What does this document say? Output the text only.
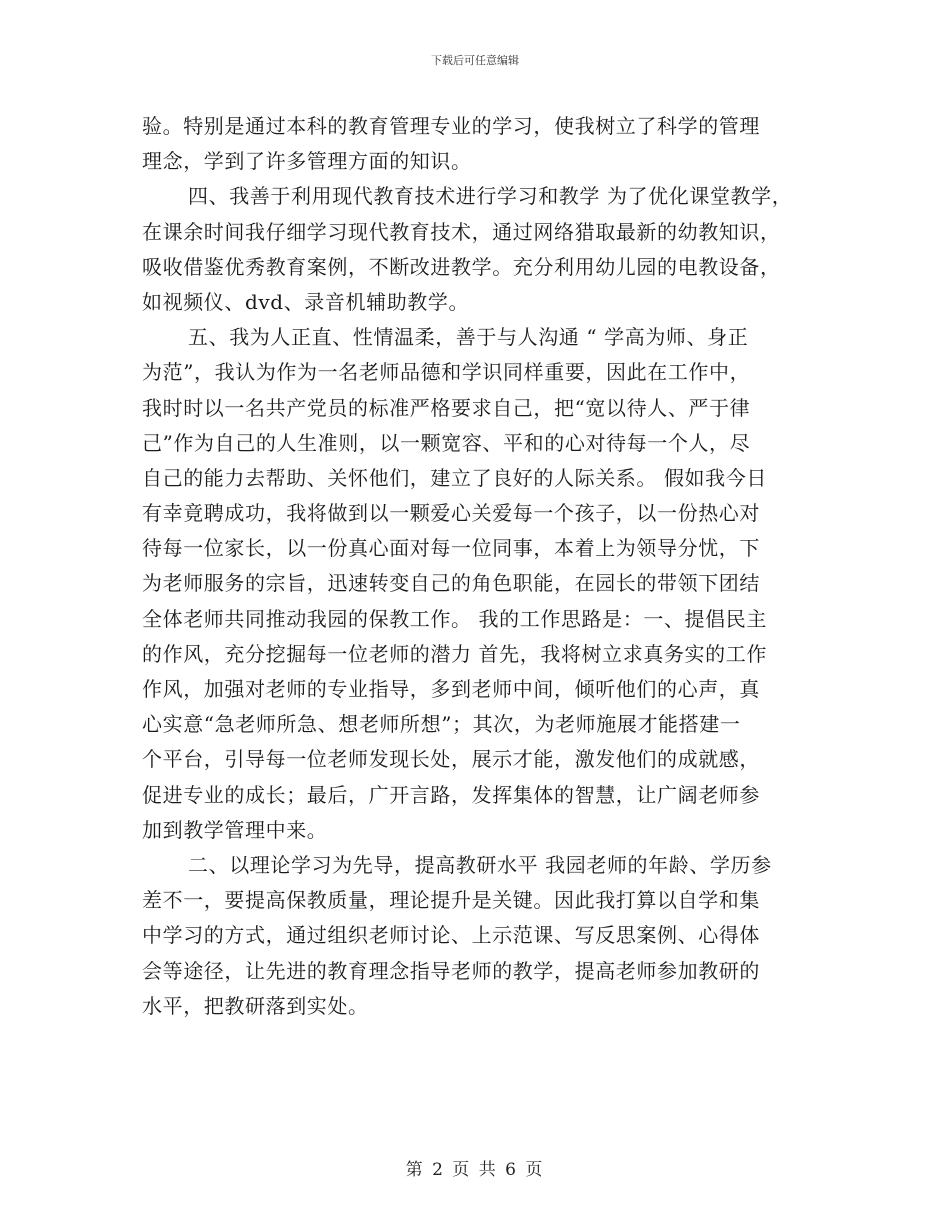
下载后可任意编辑
验。特别是通过本科的教育管理专业的学习，使我树立了科学的管理
理念，学到了许多管理方面的知识。
四、我善于利用现代教育技术进行学习和教学 为了优化课堂教学，
在课余时间我仔细学习现代教育技术，通过网络猎取最新的幼教知识，
吸收借鉴优秀教育案例，不断改进教学。充分利用幼儿园的电教设备，
如视频仪、dvd、录音机辅助教学。
五、我为人正直、性情温柔，善于与人沟通 “ 学高为师、身正
为范”，我认为作为一名老师品德和学识同样重要，因此在工作中，
我时时以一名共产党员的标准严格要求自己，把“宽以待人、严于律
己”作为自己的人生准则，以一颗宽容、平和的心对待每一个人，尽
自己的能力去帮助、关怀他们，建立了良好的人际关系。 假如我今日
有幸竟聘成功，我将做到以一颗爱心关爱每一个孩子，以一份热心对
待每一位家长，以一份真心面对每一位同事，本着上为领导分忧，下
为老师服务的宗旨，迅速转变自己的角色职能，在园长的带领下团结
全体老师共同推动我园的保教工作。 我的工作思路是：一、提倡民主
的作风，充分挖掘每一位老师的潜力 首先，我将树立求真务实的工作
作风，加强对老师的专业指导，多到老师中间，倾听他们的心声，真
心实意“急老师所急、想老师所想”；其次，为老师施展才能搭建一
个平台，引导每一位老师发现长处，展示才能，激发他们的成就感，
促进专业的成长；最后，广开言路，发挥集体的智慧，让广阔老师参
加到教学管理中来。
二、以理论学习为先导，提高教研水平 我园老师的年龄、学历参
差不一，要提高保教质量，理论提升是关键。因此我打算以自学和集
中学习的方式，通过组织老师讨论、上示范课、写反思案例、心得体
会等途径，让先进的教育理念指导老师的教学，提高老师参加教研的
水平，把教研落到实处。
第 2 页 共 6 页
